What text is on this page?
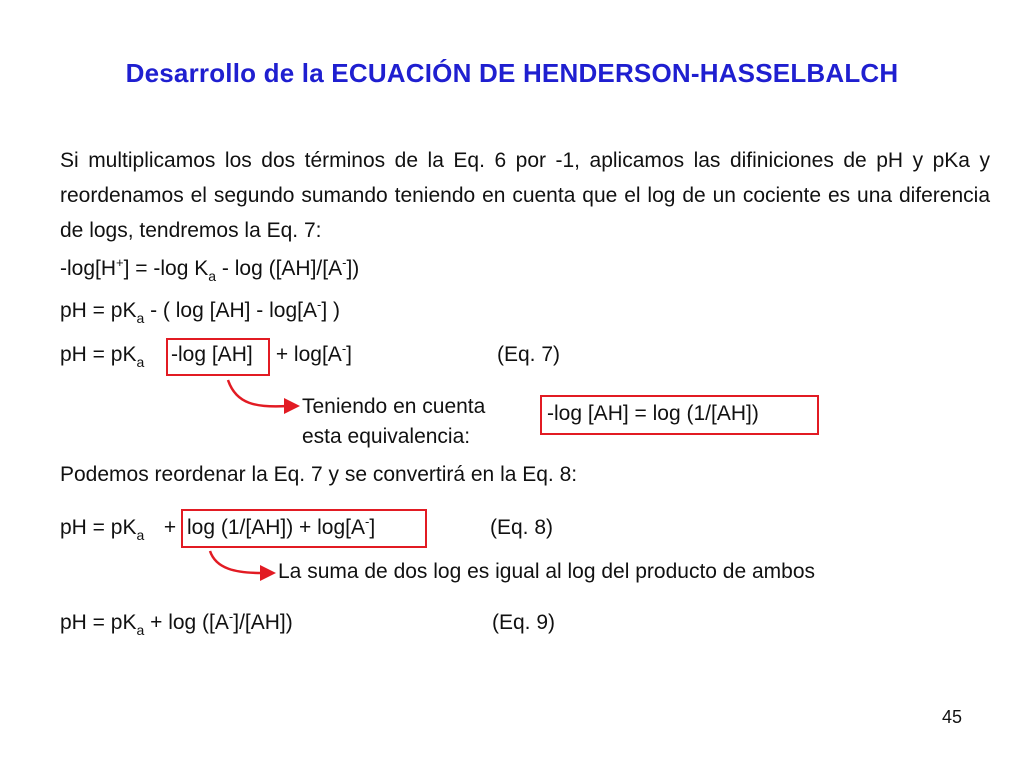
Desarrollo de la ECUACIÓN DE HENDERSON-HASSELBALCH
Si multiplicamos los dos términos de la Eq. 6 por -1, aplicamos las difiniciones de pH y pKa y reordenamos el segundo sumando teniendo en cuenta que el log de un cociente es una diferencia de logs, tendremos la Eq. 7:
-log[H+] = -log $K_a$ - log ([AH]/[A-])
pH = $pK_a$ - ( log [AH] - log[A-] )
pH = $pK_a$ -log [AH] + log[A-]	(Eq. 7)
Teniendo en cuenta
esta equivalencia:
-log [AH] = log (1/[AH])
Podemos reordenar la Eq. 7 y se convertirá en la Eq. 8:
pH = $pK_a + \log (1/[AH]) + \log[A^-]$	(Eq. 8)
La suma de dos log es igual al log del producto de ambos
pH = $pK_a + \log ([A^-]/[AH])$	(Eq. 9)
45
